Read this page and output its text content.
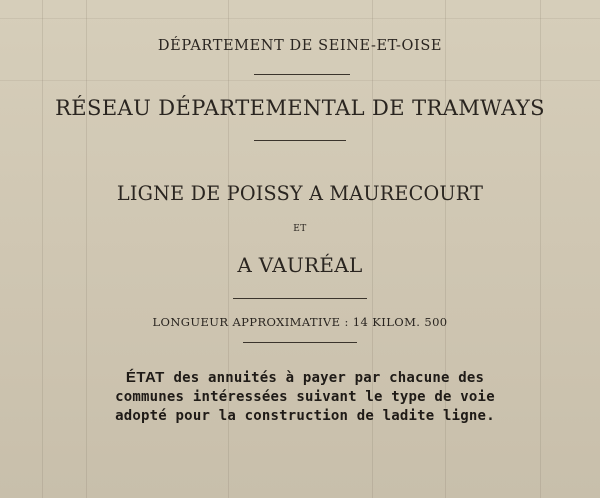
DÉPARTEMENT DE SEINE-ET-OISE
RÉSEAU DÉPARTEMENTAL DE TRAMWAYS
LIGNE DE POISSY A MAURECOURT
ET
A VAURÉAL
LONGUEUR APPROXIMATIVE : 14 KILOM. 500
ÉTAT des annuités à payer par chacune des
communes intéressées suivant le type de voie
adopté pour la construction de ladite ligne.
